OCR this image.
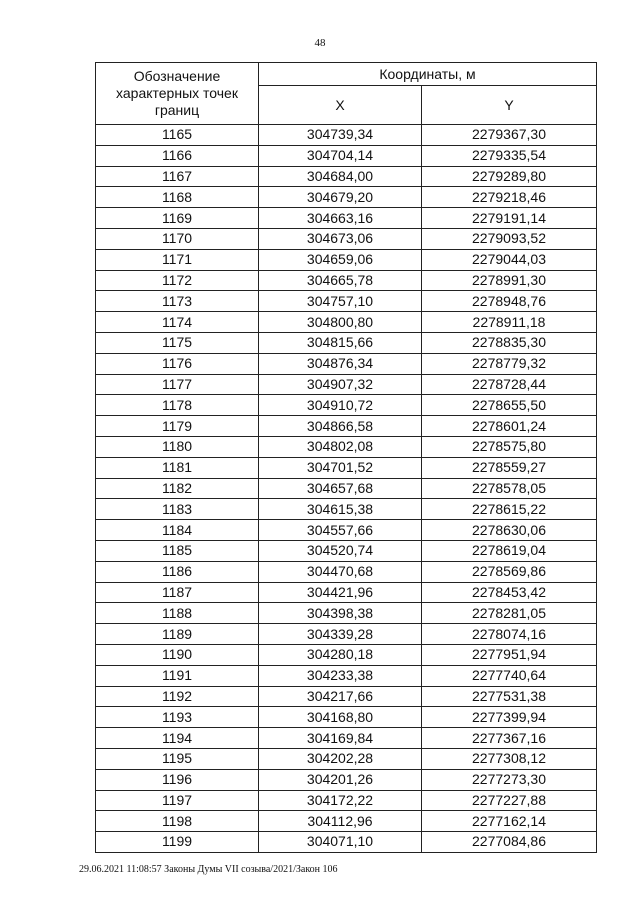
48
Обозначение характерных точек границ	Координаты, м	
	X	Y
1165	304739,34	2279367,30
1166	304704,14	2279335,54
1167	304684,00	2279289,80
1168	304679,20	2279218,46
1169	304663,16	2279191,14
1170	304673,06	2279093,52
1171	304659,06	2279044,03
1172	304665,78	2278991,30
1173	304757,10	2278948,76
1174	304800,80	2278911,18
1175	304815,66	2278835,30
1176	304876,34	2278779,32
1177	304907,32	2278728,44
1178	304910,72	2278655,50
1179	304866,58	2278601,24
1180	304802,08	2278575,80
1181	304701,52	2278559,27
1182	304657,68	2278578,05
1183	304615,38	2278615,22
1184	304557,66	2278630,06
1185	304520,74	2278619,04
1186	304470,68	2278569,86
1187	304421,96	2278453,42
1188	304398,38	2278281,05
1189	304339,28	2278074,16
1190	304280,18	2277951,94
1191	304233,38	2277740,64
1192	304217,66	2277531,38
1193	304168,80	2277399,94
1194	304169,84	2277367,16
1195	304202,28	2277308,12
1196	304201,26	2277273,30
1197	304172,22	2277227,88
1198	304112,96	2277162,14
1199	304071,10	2277084,86
29.06.2021 11:08:57 Законы Думы VII созыва/2021/Закон 106
